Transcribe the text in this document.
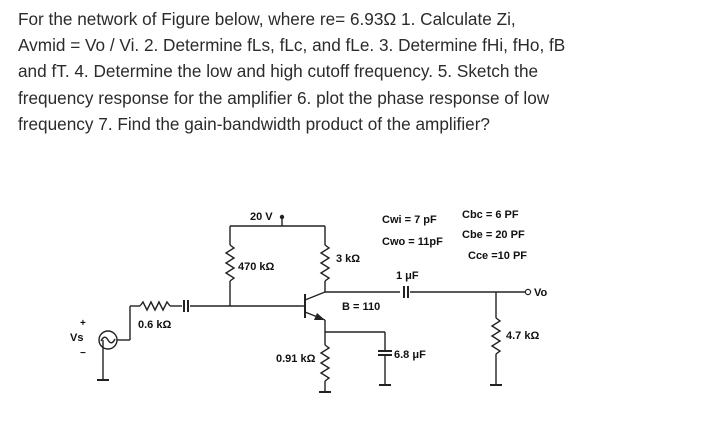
For the network of Figure below, where re= 6.93Ω 1. Calculate Zi,

Avmid = Vo / Vi. 2. Determine fLs, fLc, and fLe. 3. Determine fHi, fHo, fB

and fT. 4. Determine the low and high cutoff frequency. 5. Sketch the

frequency response for the amplifier 6. plot the phase response of low

frequency 7. Find the gain-bandwidth product of the amplifier?

+
Vs
−
0.6 kΩ
20 V
470 kΩ
3 kΩ
B = 110
1 μF
Vo
4.7 kΩ
0.91 kΩ	6.8 μF
Cwi = 7 pF
Cwo = 11pF
Cbc = 6 PF
Cbe = 20 PF
Cce =10 PF
